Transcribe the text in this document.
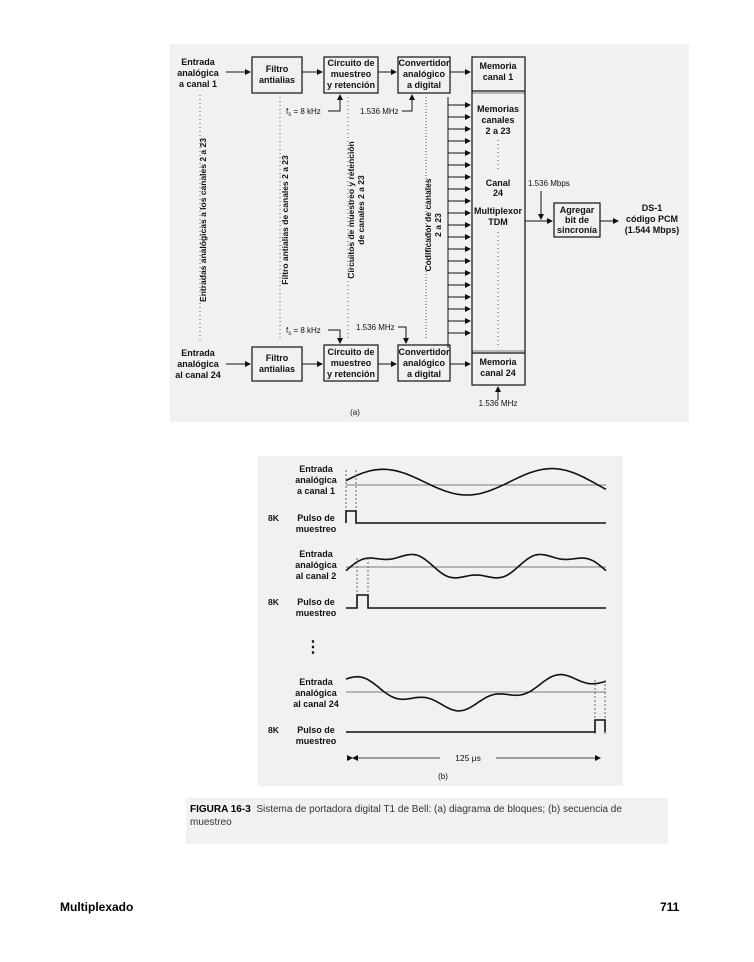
Entrada
analógica
a canal 1
Filtro
antialias
Circuito de
muestreo
y retención
Convertidor
analógico
a digital
$f_s = 8$ kHz	1.536 MHz
Memoria
canal 1
Memorias
canales
2 a 23
Canal
24
Multiplexor
TDM
Memoria
canal 24
1.536 Mbps
Agregar
bit de
sincronía
DS-1
código PCM
(1.544 Mbps)
Entradas analógicas a los canales 2 a 23	Filtro antialias de canales 2 a 23	Circuitos de muestreo y retención de canales 2 a 23	Codificador de canales 2 a 23
Entrada
analógica
al canal 24
Filtro
antialias
Circuito de
muestreo
y retención
Convertidor
analógico
a digital
$f_s = 8$ kHz	1.536 MHz
1.536 MHz
(a)
Entrada
analógica
a canal 1
8K Pulso de
muestreo
Entrada
analógica
al canal 2
8K Pulso de
muestreo
⋮
Entrada
analógica
al canal 24
8K Pulso de
muestreo
125 μs
(b)
FIGURA 16-3 Sistema de portadora digital T1 de Bell: (a) diagrama de bloques; (b) secuencia de muestreo
Multiplexado	711
